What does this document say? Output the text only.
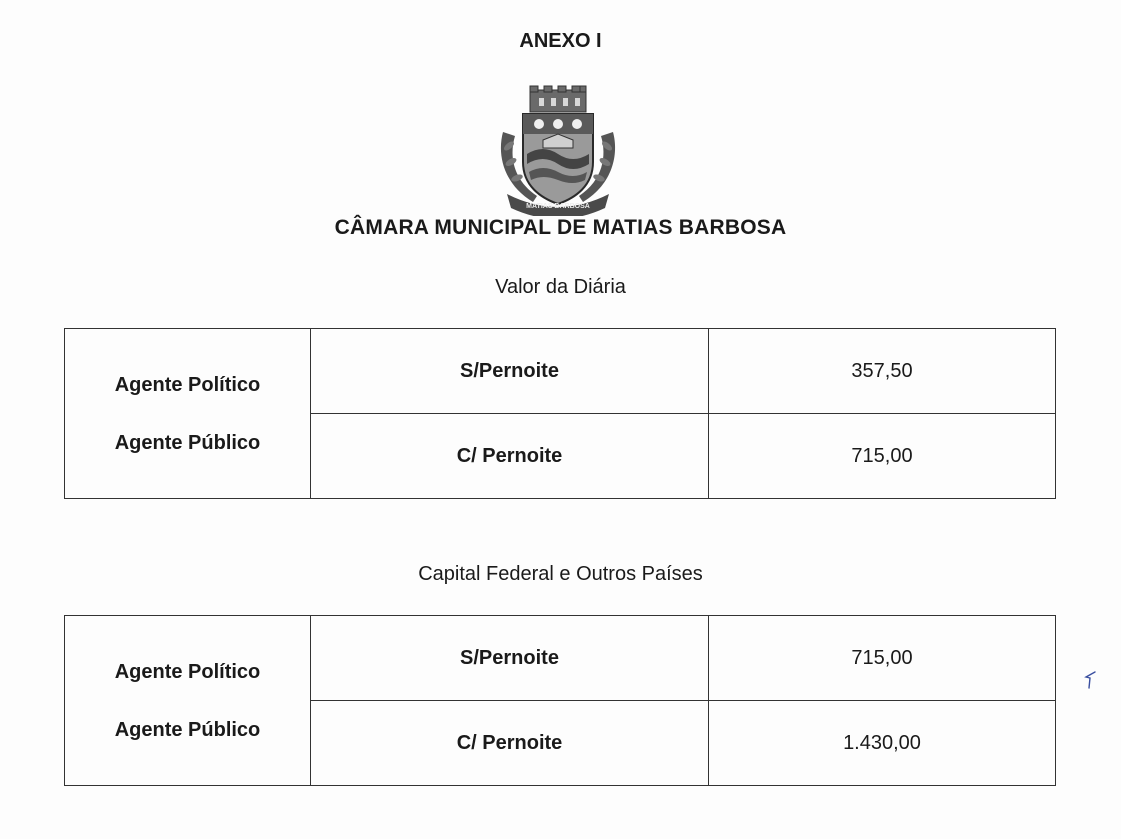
ANEXO I
MATIAS BARBOSA
CÂMARA MUNICIPAL DE MATIAS BARBOSA
Valor da Diária
Agente Político
Agente Público	S/Pernoite	357,50
	C/ Pernoite	715,00
Capital Federal e Outros Países
Agente Político
Agente Público	S/Pernoite	715,00
	C/ Pernoite	1.430,00
